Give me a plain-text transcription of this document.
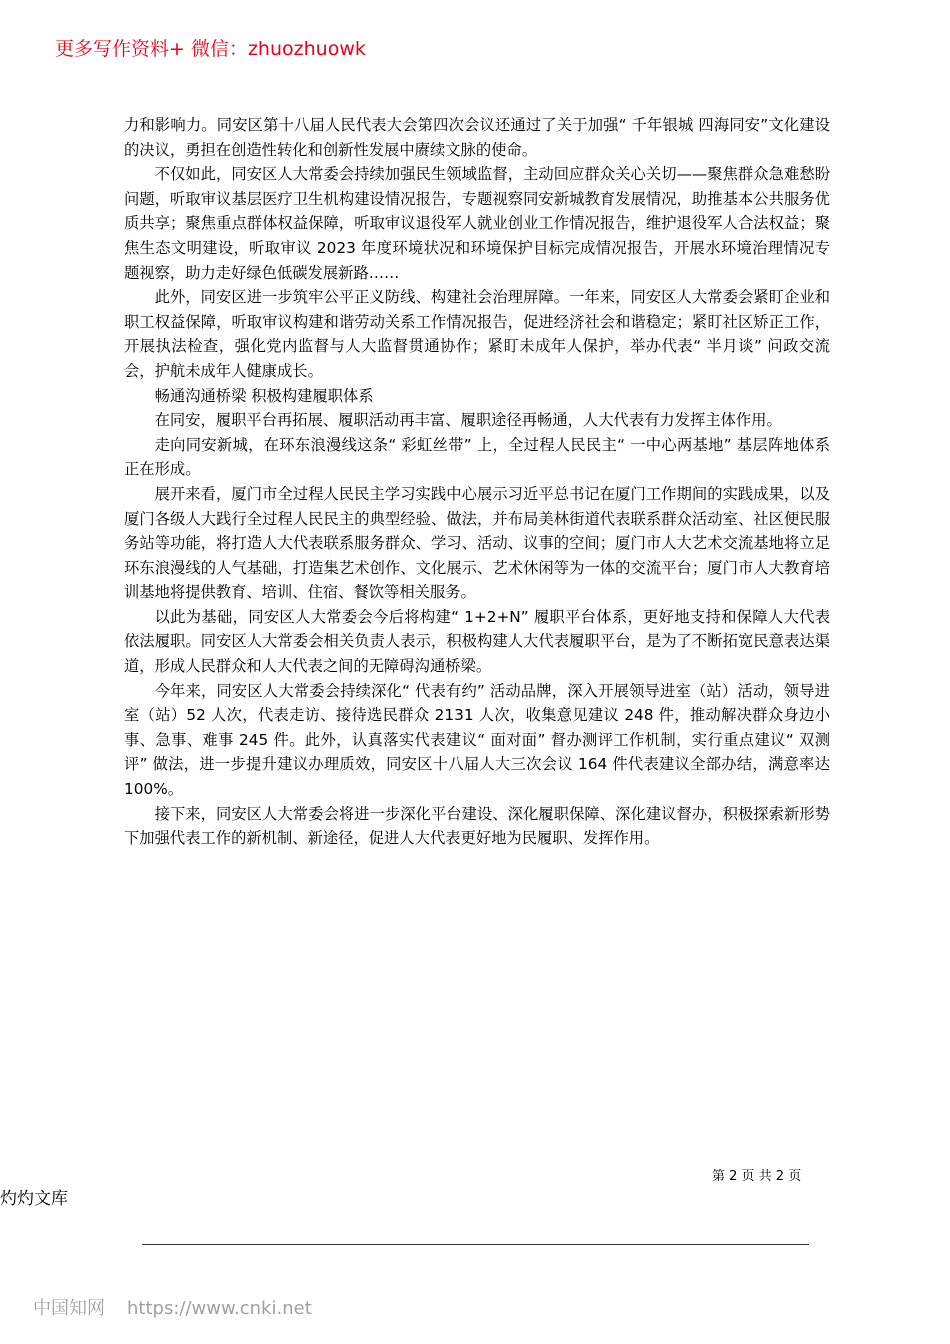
更多写作资料+ 微信：zhuozhuowk

力和影响力。同安区第十八届人民代表大会第四次会议还通过了关于加强“ 千年银城 四海同安”文化建设的决议，勇担在创造性转化和创新性发展中赓续文脉的使命。

不仅如此，同安区人大常委会持续加强民生领域监督，主动回应群众关心关切——聚焦群众急难愁盼问题，听取审议基层医疗卫生机构建设情况报告，专题视察同安新城教育发展情况，助推基本公共服务优质共享；聚焦重点群体权益保障，听取审议退役军人就业创业工作情况报告，维护退役军人合法权益；聚焦生态文明建设，听取审议 2023 年度环境状况和环境保护目标完成情况报告，开展水环境治理情况专题视察，助力走好绿色低碳发展新路……

此外，同安区进一步筑牢公平正义防线、构建社会治理屏障。一年来，同安区人大常委会紧盯企业和职工权益保障，听取审议构建和谐劳动关系工作情况报告，促进经济社会和谐稳定；紧盯社区矫正工作，开展执法检查，强化党内监督与人大监督贯通协作；紧盯未成年人保护，举办代表“ 半月谈” 问政交流会，护航未成年人健康成长。

畅通沟通桥梁 积极构建履职体系

在同安，履职平台再拓展、履职活动再丰富、履职途径再畅通，人大代表有力发挥主体作用。

走向同安新城，在环东浪漫线这条“ 彩虹丝带” 上，全过程人民民主“ 一中心两基地” 基层阵地体系正在形成。

展开来看，厦门市全过程人民民主学习实践中心展示习近平总书记在厦门工作期间的实践成果，以及厦门各级人大践行全过程人民民主的典型经验、做法，并布局美林街道代表联系群众活动室、社区便民服务站等功能，将打造人大代表联系服务群众、学习、活动、议事的空间；厦门市人大艺术交流基地将立足环东浪漫线的人气基础，打造集艺术创作、文化展示、艺术休闲等为一体的交流平台；厦门市人大教育培训基地将提供教育、培训、住宿、餐饮等相关服务。

以此为基础，同安区人大常委会今后将构建“ 1+2+N” 履职平台体系，更好地支持和保障人大代表依法履职。同安区人大常委会相关负责人表示，积极构建人大代表履职平台，是为了不断拓宽民意表达渠道，形成人民群众和人大代表之间的无障碍沟通桥梁。

今年来，同安区人大常委会持续深化“ 代表有约” 活动品牌，深入开展领导进室（站）活动，领导进室（站）52 人次，代表走访、接待选民群众 2131 人次，收集意见建议 248 件，推动解决群众身边小事、急事、难事 245 件。此外，认真落实代表建议“ 面对面” 督办测评工作机制，实行重点建议“ 双测评” 做法，进一步提升建议办理质效，同安区十八届人大三次会议 164 件代表建议全部办结，满意率达 100%。

接下来，同安区人大常委会将进一步深化平台建设、深化履职保障、深化建议督办，积极探索新形势下加强代表工作的新机制、新途径，促进人大代表更好地为民履职、发挥作用。

第 2 页 共 2 页
灼灼文库
中国知网 https://www.cnki.net
